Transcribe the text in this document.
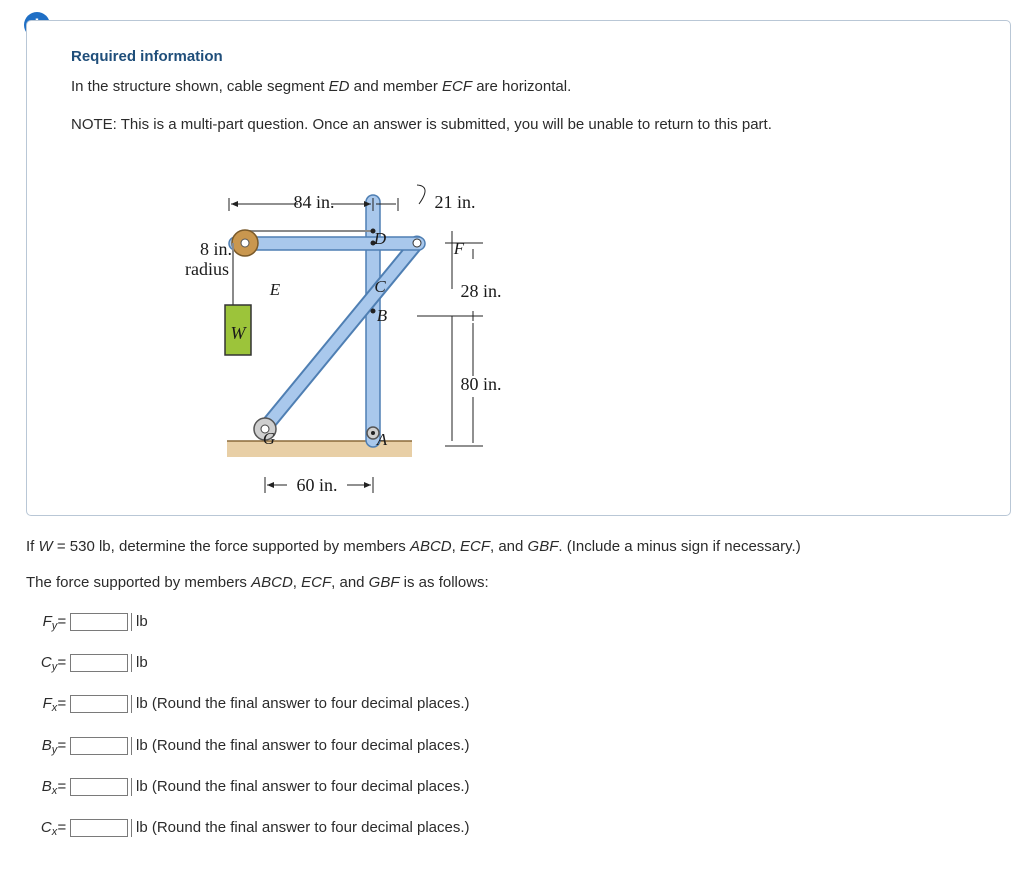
Required information

In the structure shown, cable segment ED and member ECF are horizontal.

NOTE: This is a multi-part question. Once an answer is submitted, you will be unable to return to this part.

84 in.	21 in.
8 in.
radius
28 in.
80 in.
60 in.
D
F
E	C
B
W
G	A

If W = 530 lb, determine the force supported by members ABCD, ECF, and GBF. (Include a minus sign if necessary.)

The force supported by members ABCD, ECF, and GBF is as follows:

$F_y=$	lb
$C_y=$	lb
$F_x=$	lb (Round the final answer to four decimal places.)
$B_y=$	lb (Round the final answer to four decimal places.)
$B_x=$	lb (Round the final answer to four decimal places.)
$C_x=$	lb (Round the final answer to four decimal places.)
